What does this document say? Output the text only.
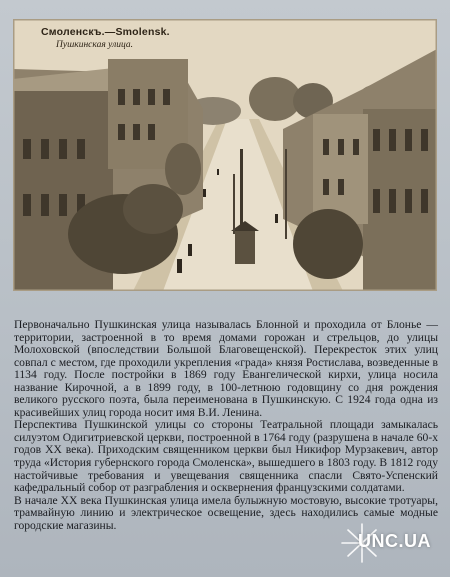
Смоленскъ.—Smolensk.
Пушкинская улица.

Первоначально Пушкинская улица называлась Блонной и проходила от Блонье — территории, застроенной в то время домами горожан и стрельцов, до улицы Молоховской (впоследствии Большой Благовещенской). Перекресток этих улиц совпал с местом, где проходили укрепления «града» князя Ростислава, возведенные в 1134 году. После постройки в 1869 году Евангелической кирхи, улица носила название Кирочной, а в 1899 году, в 100-летнюю годовщину со дня рождения великого русского поэта, была переименована в Пушкинскую. С 1924 года одна из красивейших улиц города носит имя В.И. Ленина.

Перспектива Пушкинской улицы со стороны Театральной площади замыкалась силуэтом Одигитриевской церкви, построенной в 1764 году (разрушена в начале 60-х годов XX века). Приходским священником церкви был Никифор Мурзакевич, автор труда «История губернского города Смоленска», вышедшего в 1803 году. В 1812 году настойчивые требования и увещевания священника спасли Свято-Успенский кафедральный собор от разграбления и осквернения французскими солдатами.

В начале XX века Пушкинская улица имела булыжную мостовую, высокие тротуары, трамвайную линию и электрическое освещение, здесь находились самые модные городские магазины.

UNC.UA
